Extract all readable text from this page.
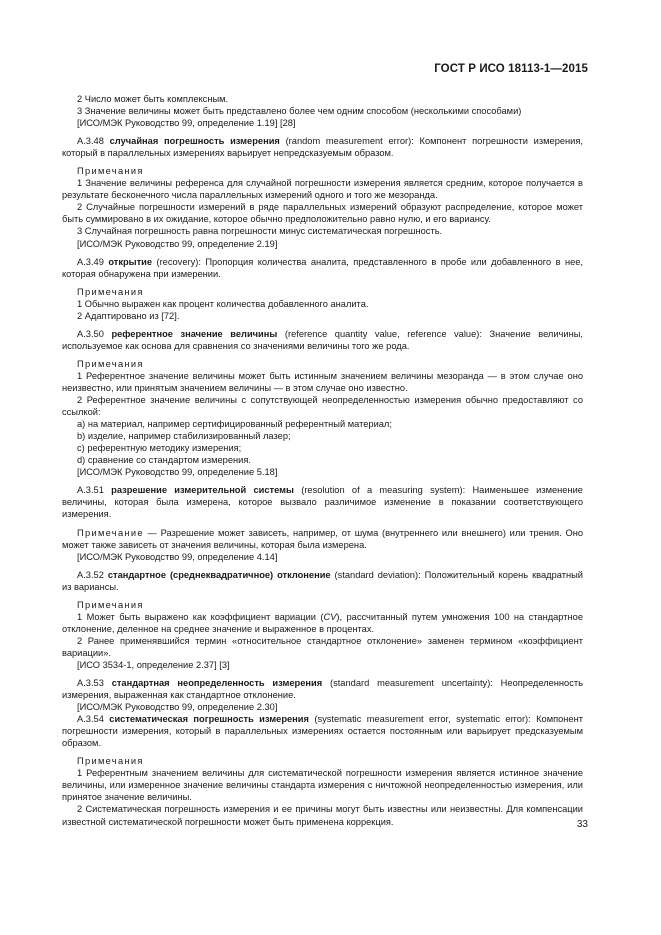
ГОСТ Р ИСО 18113-1—2015

2 Число может быть комплексным.

3 Значение величины может быть представлено более чем одним способом (несколькими способами)

[ИСО/МЭК Руководство 99, определение 1.19] [28]

А.3.48 случайная погрешность измерения (random measurement error): Компонент погрешности измерения, который в параллельных измерениях варьирует непредсказуемым образом.

Примечания

1 Значение величины референса для случайной погрешности измерения является средним, которое получается в результате бесконечного числа параллельных измерений одного и того же мезоранда.

2 Случайные погрешности измерений в ряде параллельных измерений образуют распределение, которое может быть суммировано в их ожидание, которое обычно предположительно равно нулю, и его варианcу.

3 Случайная погрешность равна погрешности минус систематическая погрешность.

[ИСО/МЭК Руководство 99, определение 2.19]

А.3.49 открытие (recovery): Пропорция количества аналита, представленного в пробе или добавленного в нее, которая обнаружена при измерении.

Примечания

1 Обычно выражен как процент количества добавленного аналита.

2 Адаптировано из [72].

А.3.50 референтное значение величины (reference quantity value, reference value): Значение величины, используемое как основа для сравнения со значениями величины того же рода.

Примечания

1 Референтное значение величины может быть истинным значением величины мезоранда — в этом случае оно неизвестно, или принятым значением величины — в этом случае оно известно.

2 Референтное значение величины с сопутствующей неопределенностью измерения обычно предоставляют со ссылкой:

a) на материал, например сертифицированный референтный материал;

b) изделие, например стабилизированный лазер;

c) референтную методику измерения;

d) сравнение со стандартом измерения.

[ИСО/МЭК Руководство 99, определение 5.18]

А.3.51 разрешение измерительной системы (resolution of a measuring system): Наименьшее изменение величины, которая была измерена, которое вызвало различимое изменение в показании соответствующего измерения.

Примечание — Разрешение может зависеть, например, от шума (внутреннего или внешнего) или трения. Оно может также зависеть от значения величины, которая была измерена.

[ИСО/МЭК Руководство 99, определение 4.14]

А.3.52 стандартное (среднеквадратичное) отклонение (standard deviation): Положительный корень квадратный из варианcы.

Примечания

1 Может быть выражено как коэффициент вариации (CV), рассчитанный путем умножения 100 на стандартное отклонение, деленное на среднее значение и выраженное в процентах.

2 Ранее применявшийся термин «относительное стандартное отклонение» заменен термином «коэффициент вариации».

[ИСО 3534-1, определение 2.37] [3]

А.3.53 стандартная неопределенность измерения (standard measurement uncertainty): Неопределенность измерения, выраженная как стандартное отклонение.

[ИСО/МЭК Руководство 99, определение 2.30]

А.3.54 систематическая погрешность измерения (systematic measurement error, systematic error): Компонент погрешности измерения, который в параллельных измерениях остается постоянным или варьирует предсказуемым образом.

Примечания

1 Референтным значением величины для систематической погрешности измерения является истинное значение величины, или измеренное значение величины стандарта измерения с ничтожной неопределенностью измерения, или принятое значение величины.

2 Систематическая погрешность измерения и ее причины могут быть известны или неизвестны. Для компенсации известной систематической погрешности может быть применена коррекция.	33
